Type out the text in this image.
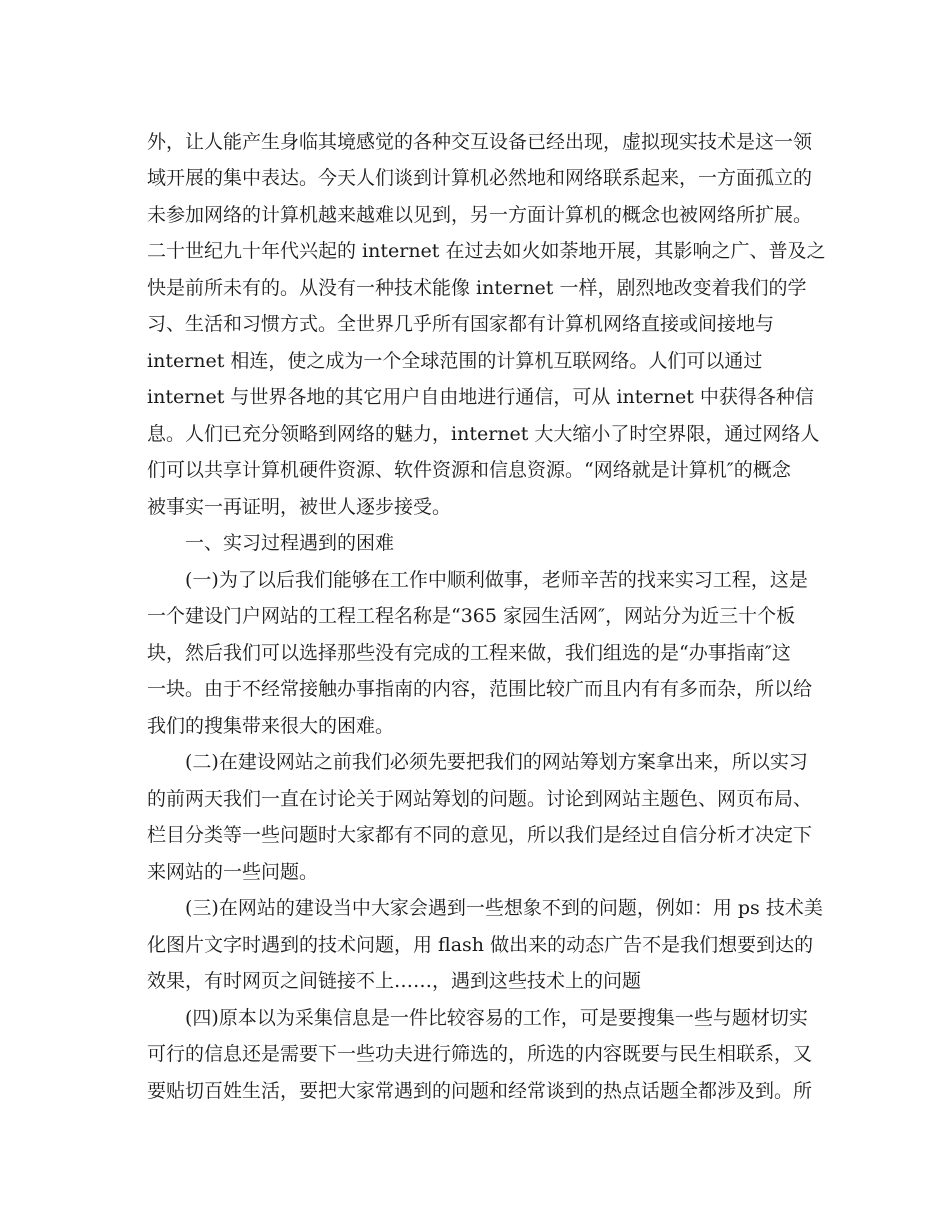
外，让人能产生身临其境感觉的各种交互设备已经出现，虚拟现实技术是这一领
域开展的集中表达。今天人们谈到计算机必然地和网络联系起来，一方面孤立的
未参加网络的计算机越来越难以见到，另一方面计算机的概念也被网络所扩展。
二十世纪九十年代兴起的 internet 在过去如火如荼地开展，其影响之广、普及之
快是前所未有的。从没有一种技术能像 internet 一样，剧烈地改变着我们的学
习、生活和习惯方式。全世界几乎所有国家都有计算机网络直接或间接地与
internet 相连，使之成为一个全球范围的计算机互联网络。人们可以通过
internet 与世界各地的其它用户自由地进行通信，可从 internet 中获得各种信
息。人们已充分领略到网络的魅力，internet 大大缩小了时空界限，通过网络人
们可以共享计算机硬件资源、软件资源和信息资源。“网络就是计算机″的概念
被事实一再证明，被世人逐步接受。
一、实习过程遇到的困难
(一)为了以后我们能够在工作中顺利做事，老师辛苦的找来实习工程，这是
一个建设门户网站的工程工程名称是“365 家园生活网″，网站分为近三十个板
块，然后我们可以选择那些没有完成的工程来做，我们组选的是“办事指南″这
一块。由于不经常接触办事指南的内容，范围比较广而且内有有多而杂，所以给
我们的搜集带来很大的困难。
(二)在建设网站之前我们必须先要把我们的网站筹划方案拿出来，所以实习
的前两天我们一直在讨论关于网站筹划的问题。讨论到网站主题色、网页布局、
栏目分类等一些问题时大家都有不同的意见，所以我们是经过自信分析才决定下
来网站的一些问题。
(三)在网站的建设当中大家会遇到一些想象不到的问题，例如：用 ps 技术美
化图片文字时遇到的技术问题，用 flash 做出来的动态广告不是我们想要到达的
效果，有时网页之间链接不上……，遇到这些技术上的问题
(四)原本以为采集信息是一件比较容易的工作，可是要搜集一些与题材切实
可行的信息还是需要下一些功夫进行筛选的，所选的内容既要与民生相联系，又
要贴切百姓生活，要把大家常遇到的问题和经常谈到的热点话题全都涉及到。所
